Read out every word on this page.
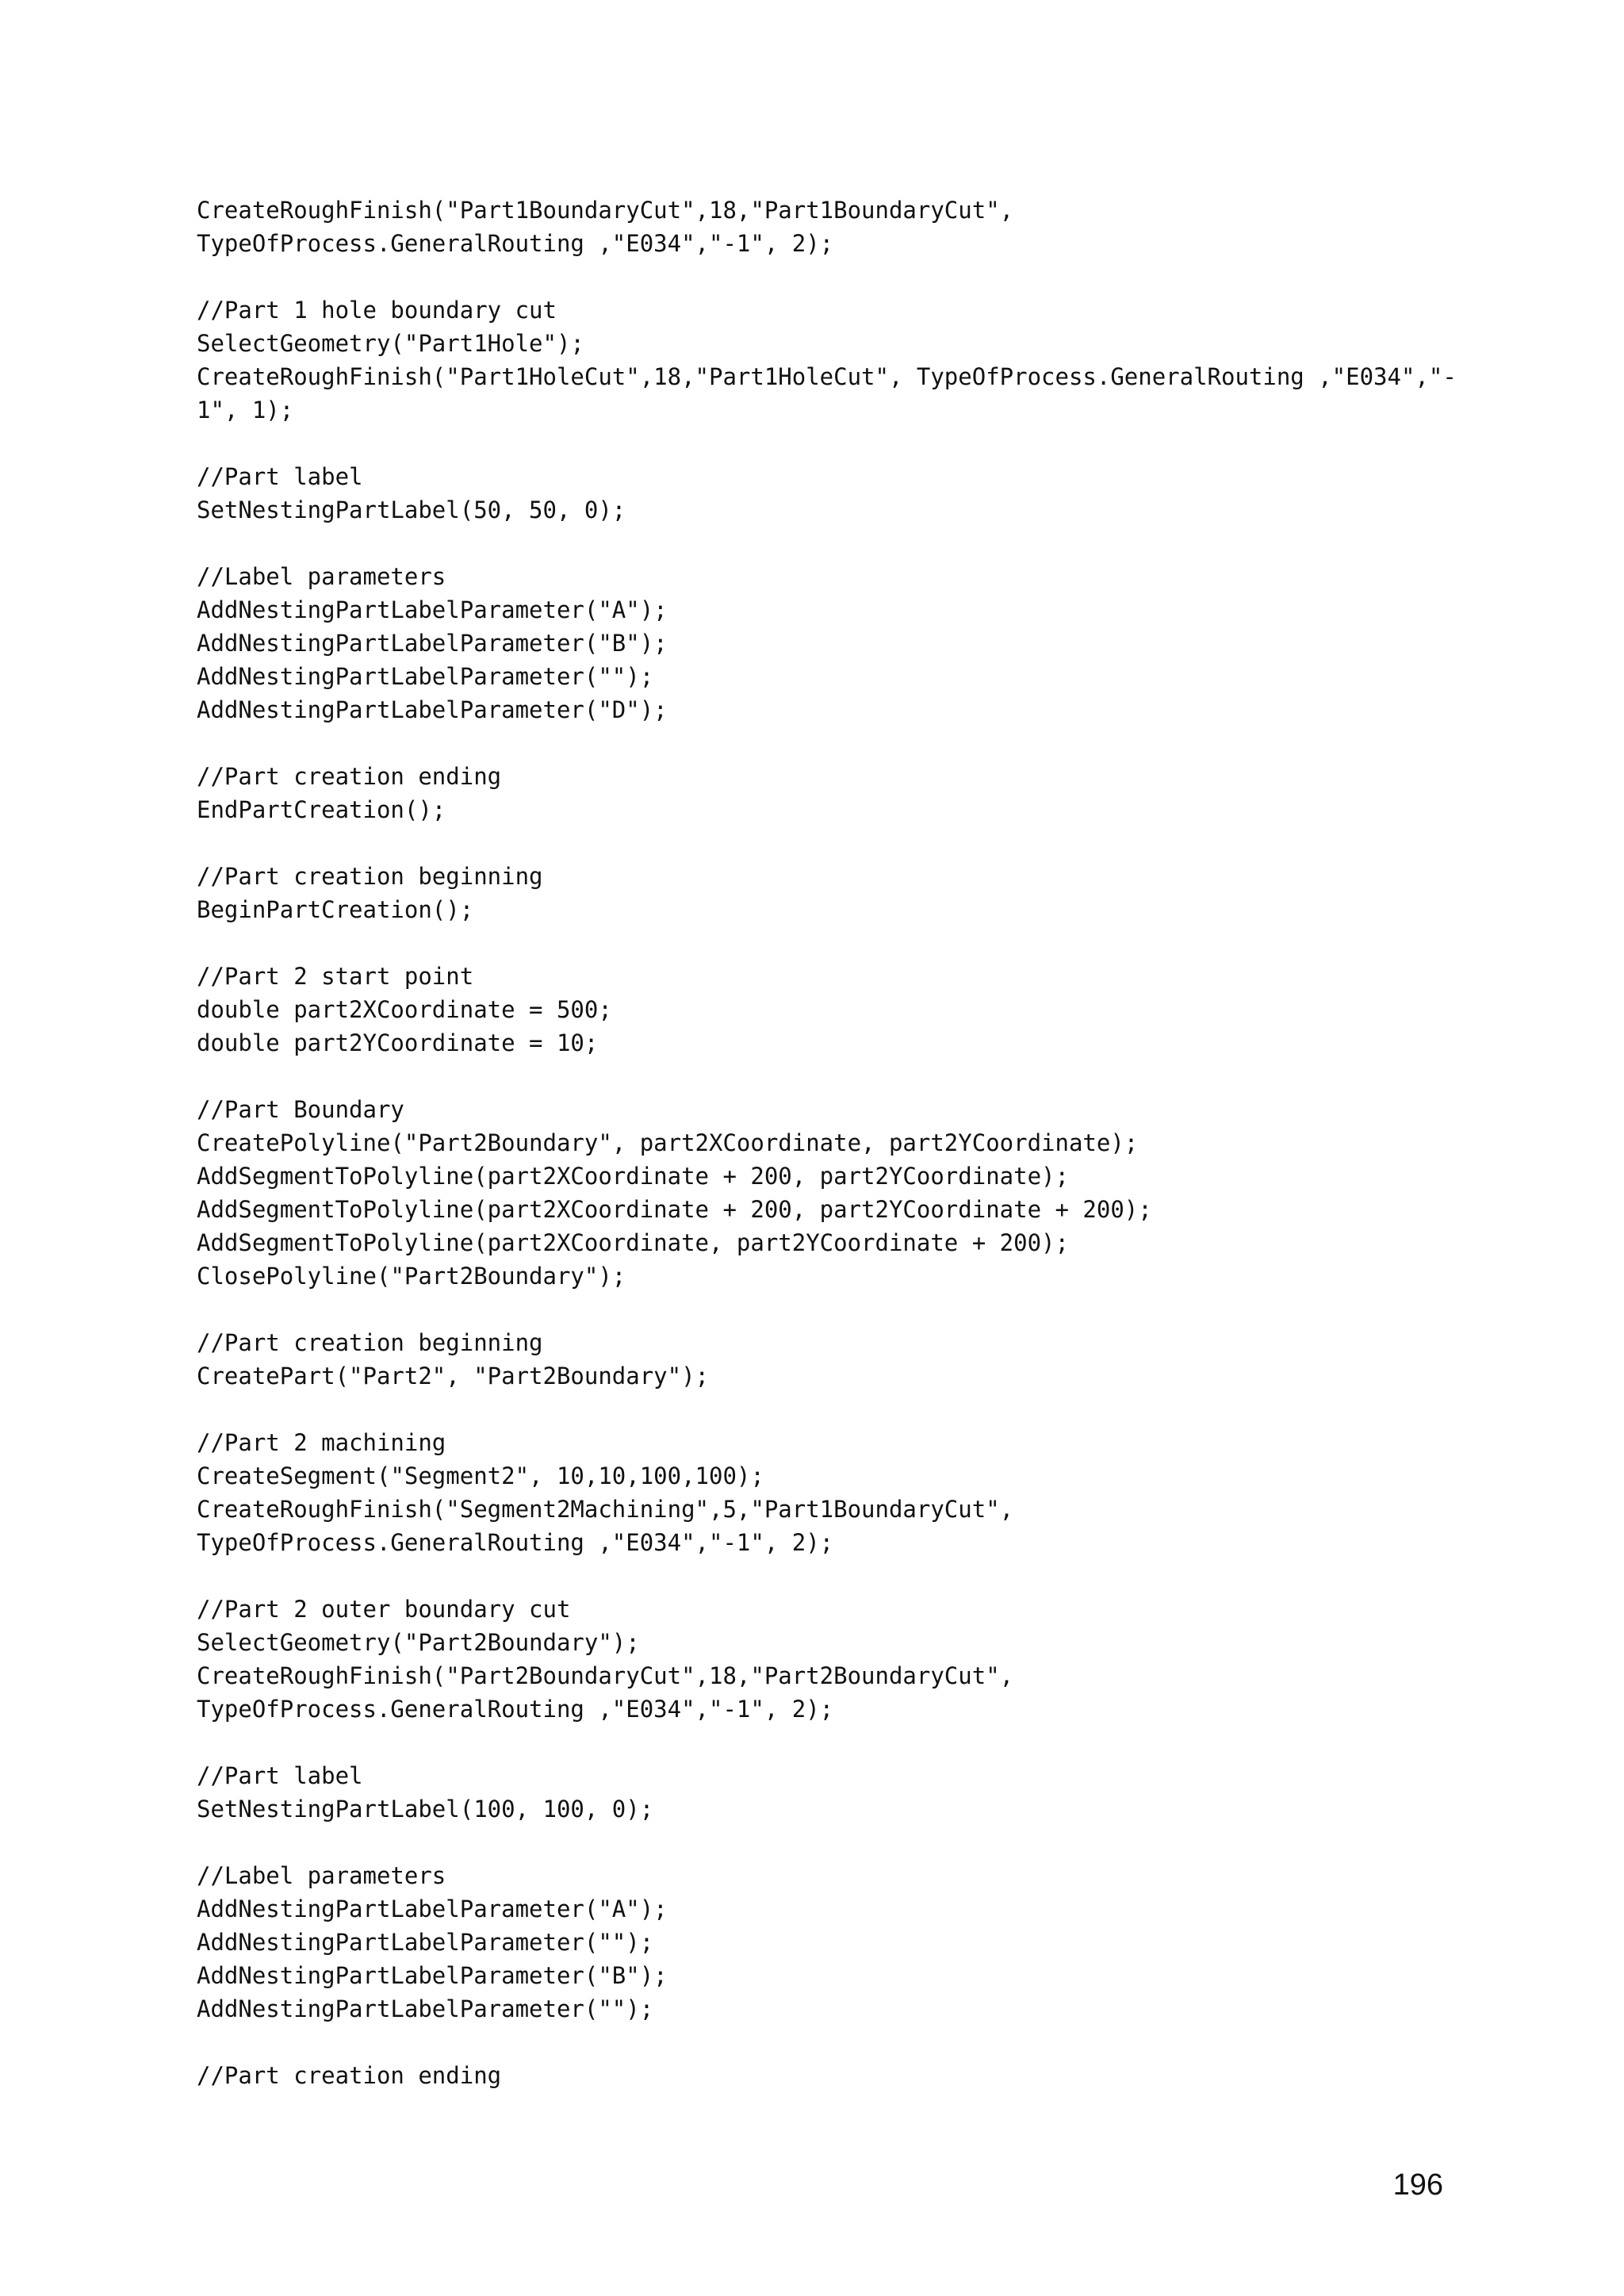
CreateRoughFinish("Part1BoundaryCut",18,"Part1BoundaryCut",
TypeOfProcess.GeneralRouting ,"E034","-1", 2);
//Part 1 hole boundary cut
SelectGeometry("Part1Hole");
CreateRoughFinish("Part1HoleCut",18,"Part1HoleCut", TypeOfProcess.GeneralRouting ,"E034","-
1", 1);
//Part label
SetNestingPartLabel(50, 50, 0);
//Label parameters
AddNestingPartLabelParameter("A");
AddNestingPartLabelParameter("B");
AddNestingPartLabelParameter("");
AddNestingPartLabelParameter("D");
//Part creation ending
EndPartCreation();
//Part creation beginning
BeginPartCreation();
//Part 2 start point
double part2XCoordinate = 500;
double part2YCoordinate = 10;
//Part Boundary
CreatePolyline("Part2Boundary", part2XCoordinate, part2YCoordinate);
AddSegmentToPolyline(part2XCoordinate + 200, part2YCoordinate);
AddSegmentToPolyline(part2XCoordinate + 200, part2YCoordinate + 200);
AddSegmentToPolyline(part2XCoordinate, part2YCoordinate + 200);
ClosePolyline("Part2Boundary");
//Part creation beginning
CreatePart("Part2", "Part2Boundary");
//Part 2 machining
CreateSegment("Segment2", 10,10,100,100);
CreateRoughFinish("Segment2Machining",5,"Part1BoundaryCut",
TypeOfProcess.GeneralRouting ,"E034","-1", 2);
//Part 2 outer boundary cut
SelectGeometry("Part2Boundary");
CreateRoughFinish("Part2BoundaryCut",18,"Part2BoundaryCut",
TypeOfProcess.GeneralRouting ,"E034","-1", 2);
//Part label
SetNestingPartLabel(100, 100, 0);
//Label parameters
AddNestingPartLabelParameter("A");
AddNestingPartLabelParameter("");
AddNestingPartLabelParameter("B");
AddNestingPartLabelParameter("");
//Part creation ending
196
